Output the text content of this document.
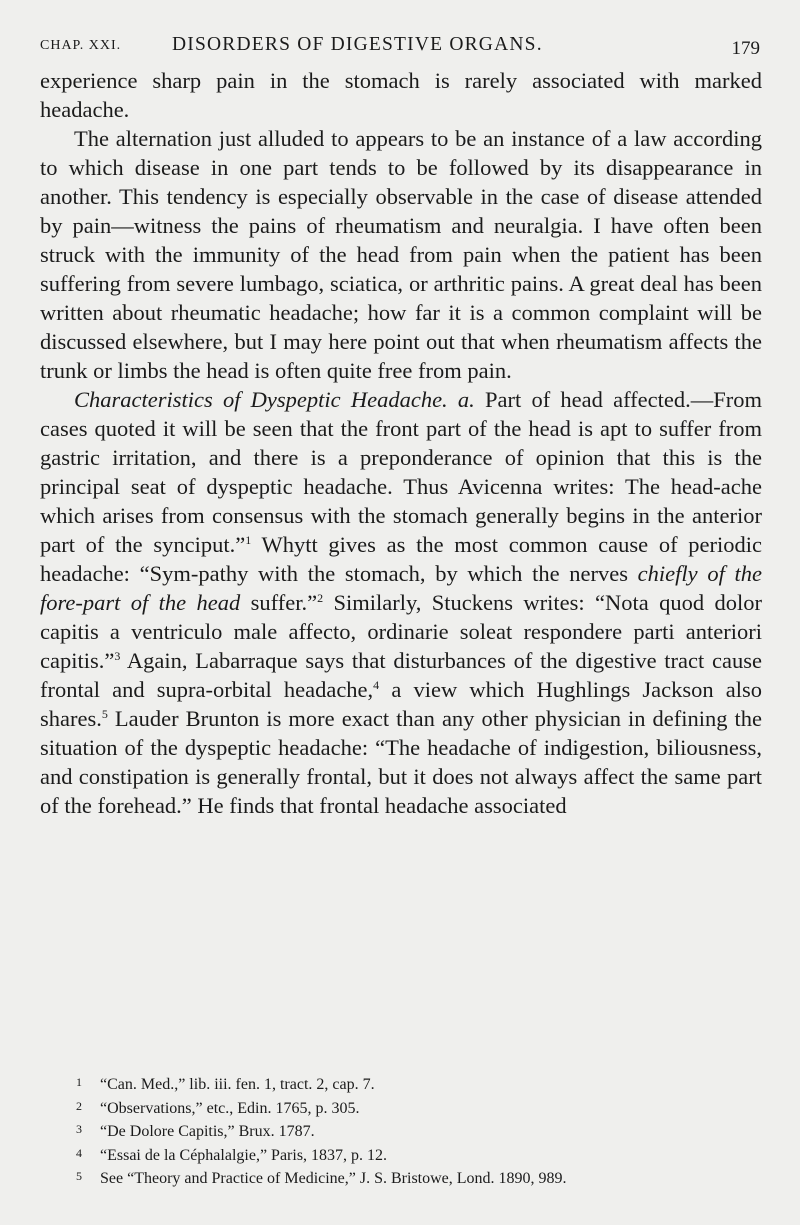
CHAP. XXI.	DISORDERS OF DIGESTIVE ORGANS.	179

experience sharp pain in the stomach is rarely associated with marked headache.

The alternation just alluded to appears to be an instance of a law according to which disease in one part tends to be followed by its disappearance in another. This tendency is especially observable in the case of disease attended by pain—witness the pains of rheumatism and neuralgia. I have often been struck with the immunity of the head from pain when the patient has been suffering from severe lumbago, sciatica, or arthritic pains. A great deal has been written about rheumatic headache; how far it is a common complaint will be discussed elsewhere, but I may here point out that when rheumatism affects the trunk or limbs the head is often quite free from pain.

Characteristics of Dyspeptic Headache. a. Part of head affected.—From cases quoted it will be seen that the front part of the head is apt to suffer from gastric irritation, and there is a preponderance of opinion that this is the principal seat of dyspeptic headache. Thus Avicenna writes: The head-ache which arises from consensus with the stomach generally begins in the anterior part of the synciput.”$^1$ Whytt gives as the most common cause of periodic headache: “Sym-pathy with the stomach, by which the nerves chiefly of the fore-part of the head suffer.”$^2$ Similarly, Stuckens writes: “Nota quod dolor capitis a ventriculo male affecto, ordinarie soleat respondere parti anteriori capitis.”$^3$ Again, Labarraque says that disturbances of the digestive tract cause frontal and supra-orbital headache,$^4$ a view which Hughlings Jackson also shares.$^5$ Lauder Brunton is more exact than any other physician in defining the situation of the dyspeptic headache: “The headache of indigestion, biliousness, and constipation is generally frontal, but it does not always affect the same part of the forehead.” He finds that frontal headache associated

1 “Can. Med.,” lib. iii. fen. 1, tract. 2, cap. 7.
2 “Observations,” etc., Edin. 1765, p. 305.
3 “De Dolore Capitis,” Brux. 1787.
4 “Essai de la Céphalalgie,” Paris, 1837, p. 12.
5 See “Theory and Practice of Medicine,” J. S. Bristowe, Lond. 1890, 989.
